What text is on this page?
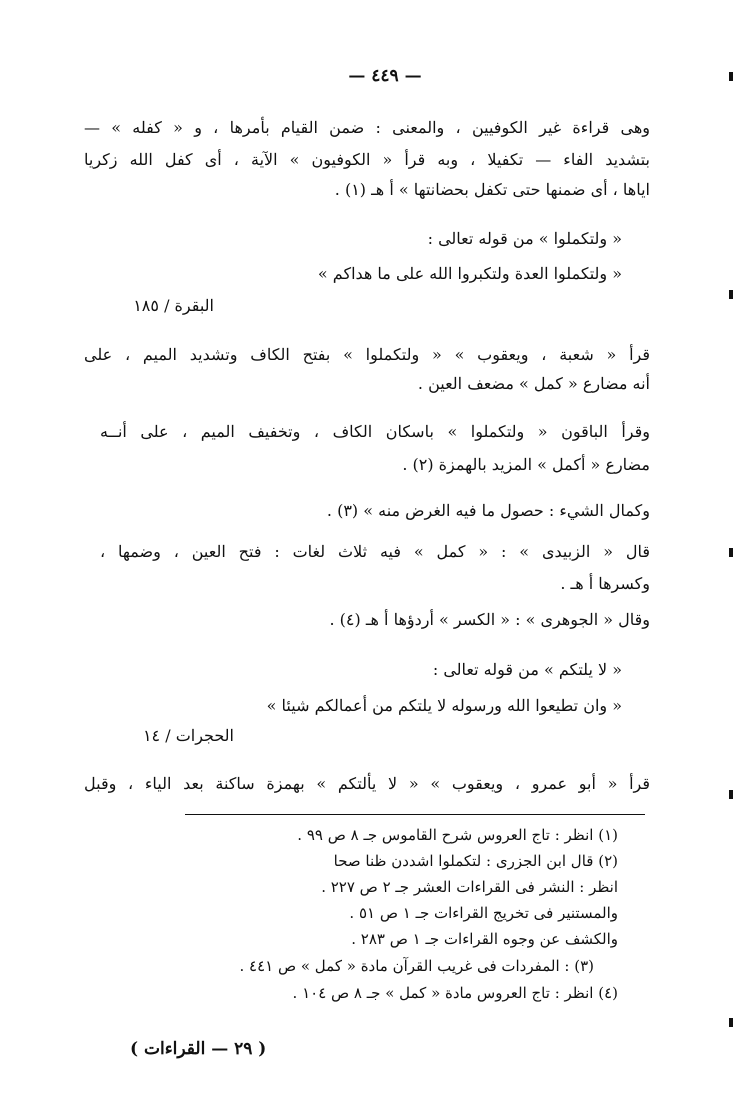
— ٤٤٩ —
وهى قراءة غير الكوفيين ، والمعنى : ضمن القيام بأمرها ، و « كفله » —
بتشديد الفاء — تكفيلا ، وبه قرأ « الكوفيون » الآية ، أى كفل الله زكريا
اياها ، أى ضمنها حتى تكفل بحضانتها » أ هـ (١) .
« ولتكملوا » من قوله تعالى :
« ولتكملوا العدة ولتكبروا الله على ما هداكم »
البقرة / ١٨٥
قرأ « شعبة ، ويعقوب » « ولتكملوا » بفتح الكاف وتشديد الميم ، على
أنه مضارع « كمل » مضعف العين .
وقرأ الباقون « ولتكملوا » باسكان الكاف ، وتخفيف الميم ، على أنــه
مضارع « أكمل » المزيد بالهمزة (٢) .
وكمال الشيء : حصول ما فيه الغرض منه » (٣) .
قال « الزبيدى » : « كمل » فيه ثلاث لغات : فتح العين ، وضمها ،
وكسرها أ هـ .
وقال « الجوهرى » : « الكسر » أردؤها أ هـ (٤) .
« لا يلتكم » من قوله تعالى :
« وان تطيعوا الله ورسوله لا يلتكم من أعمالكم شيئا »
الحجرات / ١٤
قرأ « أبو عمرو ، ويعقوب » « لا يألتكم » بهمزة ساكنة بعد الياء ، وقبل
(١) انظر : تاج العروس شرح القاموس جـ ٨ ص ٩٩ .
(٢) قال ابن الجزرى : لتكملوا اشددن ظنا صحا
انظر : النشر فى القراءات العشر جـ ٢ ص ٢٢٧ .
والمستنير فى تخريج القراءات جـ ١ ص ٥١ .
والكشف عن وجوه القراءات جـ ١ ص ٢٨٣ .
(٣) : المفردات فى غريب القرآن مادة « كمل » ص ٤٤١ .
(٤) انظر : تاج العروس مادة « كمل » جـ ٨ ص ١٠٤ .
( ٢٩ — القراءات )
